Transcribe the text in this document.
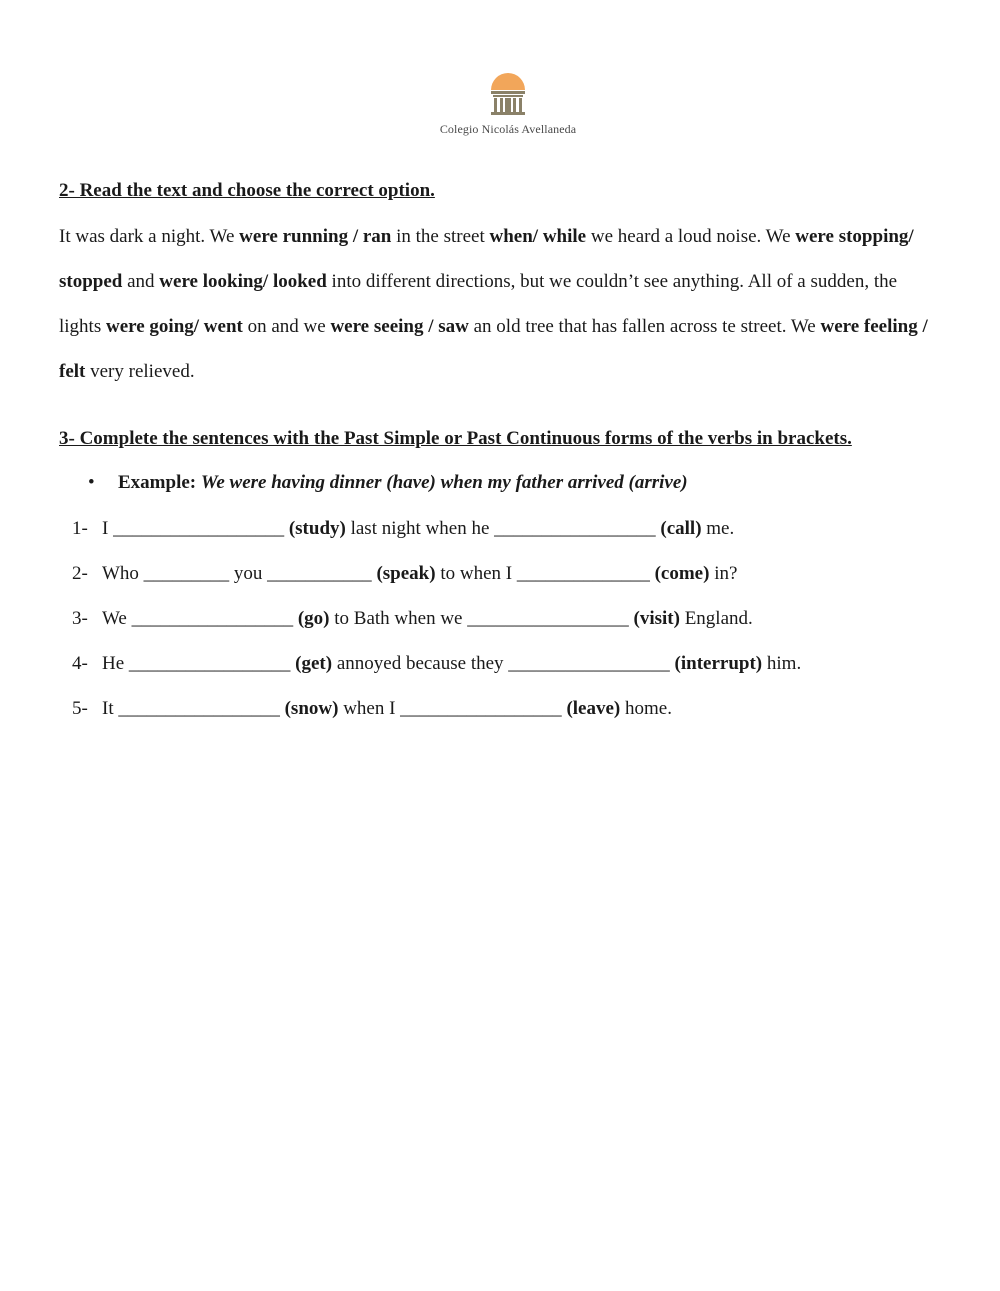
Colegio Nicolás Avellaneda
2- Read the text and choose the correct option.
It was dark a night. We were running / ran in the street when/ while we heard a loud noise. We were stopping/
stopped and were looking/ looked into different directions, but we couldn’t see anything. All of a sudden, the
lights were going/ went on and we were seeing / saw an old tree that has fallen across te street. We were feeling /
felt very relieved.
3- Complete the sentences with the Past Simple or Past Continuous forms of the verbs in brackets.
• Example: We were having dinner (have) when my father arrived (arrive)
1- I __________________ (study) last night when he _________________ (call) me.
2- Who _________ you ___________ (speak) to when I ______________ (come) in?
3- We _________________ (go) to Bath when we _________________ (visit) England.
4- He _________________ (get) annoyed because they _________________ (interrupt) him.
5- It _________________ (snow) when I _________________ (leave) home.
